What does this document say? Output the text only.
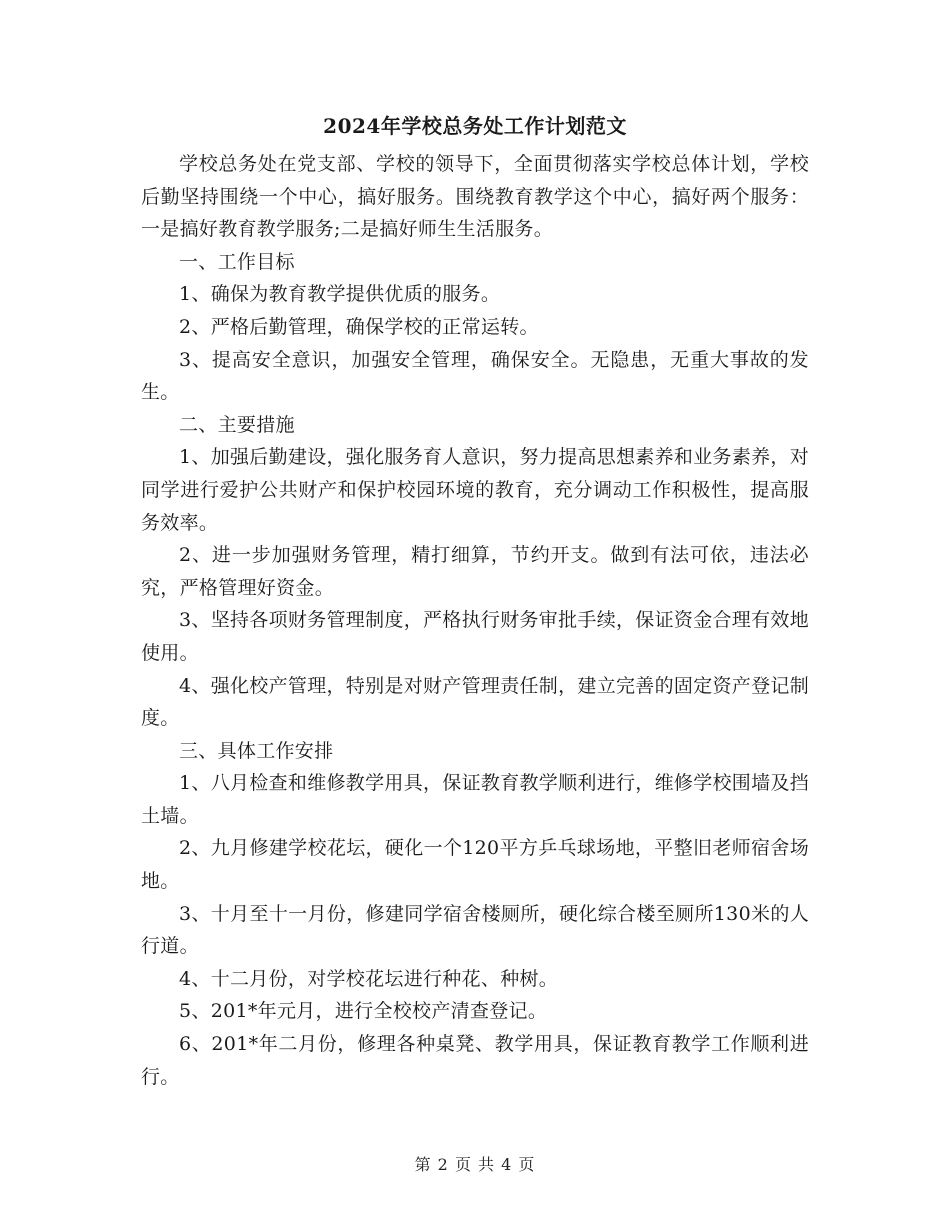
2024年学校总务处工作计划范文

学校总务处在党支部、学校的领导下，全面贯彻落实学校总体计划，学校后勤坚持围绕一个中心，搞好服务。围绕教育教学这个中心，搞好两个服务：一是搞好教育教学服务;二是搞好师生生活服务。

一、工作目标

1、确保为教育教学提供优质的服务。

2、严格后勤管理，确保学校的正常运转。

3、提高安全意识，加强安全管理，确保安全。无隐患，无重大事故的发生。

二、主要措施

1、加强后勤建设，强化服务育人意识，努力提高思想素养和业务素养，对同学进行爱护公共财产和保护校园环境的教育，充分调动工作积极性，提高服务效率。

2、进一步加强财务管理，精打细算，节约开支。做到有法可依，违法必究，严格管理好资金。

3、坚持各项财务管理制度，严格执行财务审批手续，保证资金合理有效地使用。

4、强化校产管理，特别是对财产管理责任制，建立完善的固定资产登记制度。

三、具体工作安排

1、八月检查和维修教学用具，保证教育教学顺利进行，维修学校围墙及挡土墙。

2、九月修建学校花坛，硬化一个120平方乒乓球场地，平整旧老师宿舍场地。

3、十月至十一月份，修建同学宿舍楼厕所，硬化综合楼至厕所130米的人行道。

4、十二月份，对学校花坛进行种花、种树。

5、201*年元月，进行全校校产清查登记。

6、201*年二月份，修理各种桌凳、教学用具，保证教育教学工作顺利进行。

第 2 页 共 4 页
